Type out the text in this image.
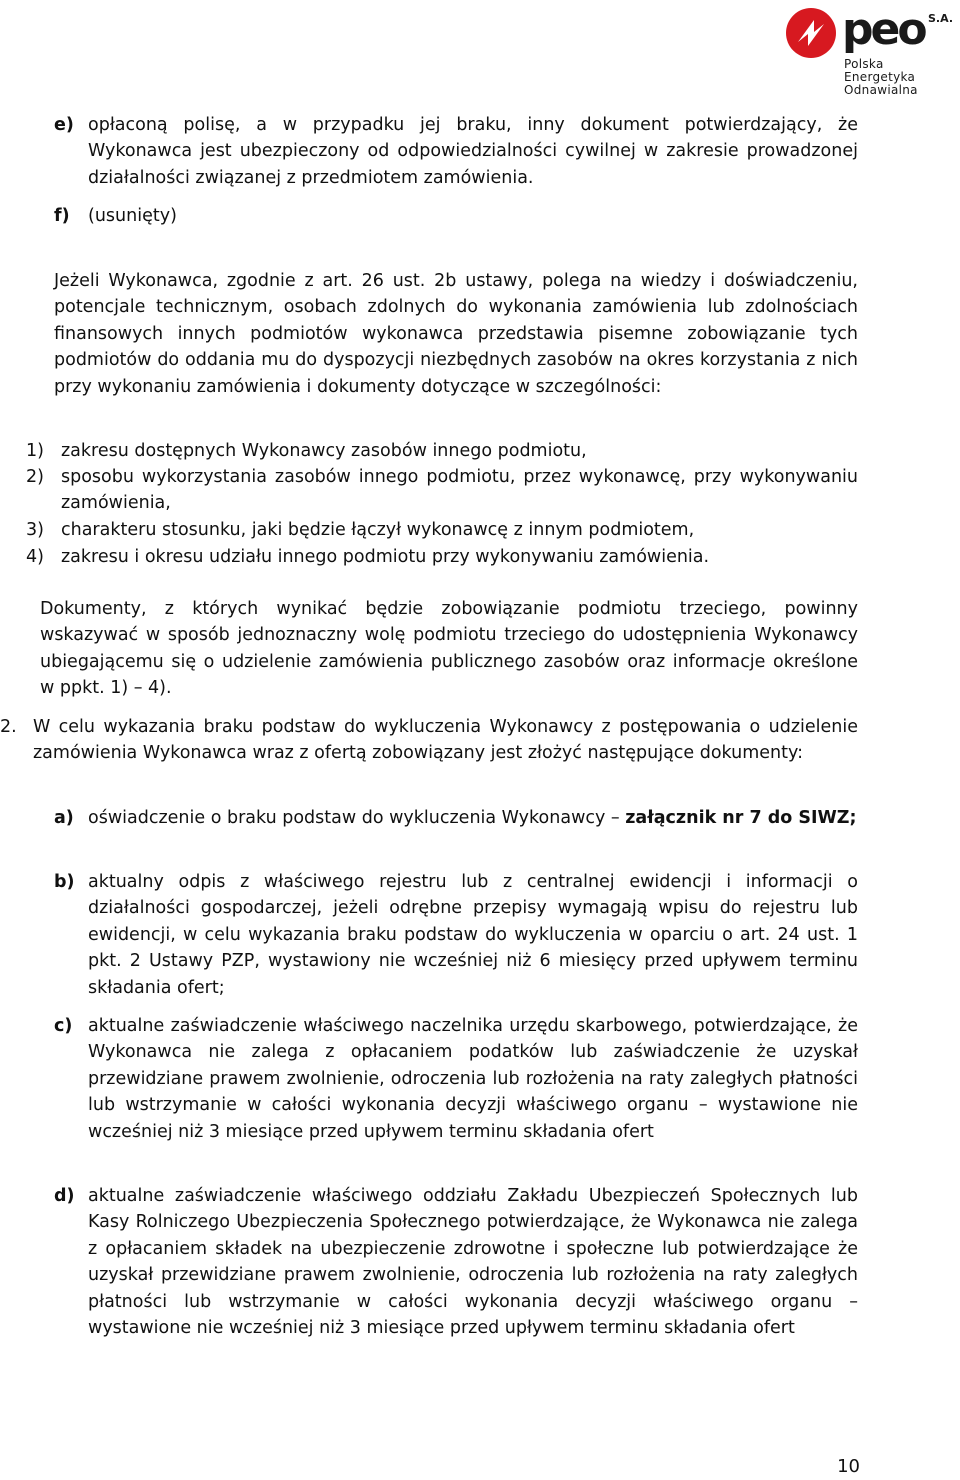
peo S.A.
Polska Energetyka
Odnawialna
e) opłaconą polisę, a w przypadku jej braku, inny dokument potwierdzający, że Wykonawca jest ubezpieczony od odpowiedzialności cywilnej w zakresie prowadzonej działalności związanej z przedmiotem zamówienia.

f) (usunięty)

Jeżeli Wykonawca, zgodnie z art. 26 ust. 2b ustawy, polega na wiedzy i doświadczeniu, potencjale technicznym, osobach zdolnych do wykonania zamówienia lub zdolnościach finansowych innych podmiotów wykonawca przedstawia pisemne zobowiązanie tych podmiotów do oddania mu do dyspozycji niezbędnych zasobów na okres korzystania z nich przy wykonaniu zamówienia i dokumenty dotyczące w szczególności:

1) zakresu dostępnych Wykonawcy zasobów innego podmiotu,

2) sposobu wykorzystania zasobów innego podmiotu, przez wykonawcę, przy wykonywaniu zamówienia,

3) charakteru stosunku, jaki będzie łączył wykonawcę z innym podmiotem,

4) zakresu i okresu udziału innego podmiotu przy wykonywaniu zamówienia.

Dokumenty, z których wynikać będzie zobowiązanie podmiotu trzeciego, powinny wskazywać w sposób jednoznaczny wolę podmiotu trzeciego do udostępnienia Wykonawcy ubiegającemu się o udzielenie zamówienia publicznego zasobów oraz informacje określone w ppkt. 1) – 4).

2. W celu wykazania braku podstaw do wykluczenia Wykonawcy z postępowania o udzielenie zamówienia Wykonawca wraz z ofertą zobowiązany jest złożyć następujące dokumenty:

a) oświadczenie o braku podstaw do wykluczenia Wykonawcy – załącznik nr 7 do SIWZ;

b) aktualny odpis z właściwego rejestru lub z centralnej ewidencji i informacji o działalności gospodarczej, jeżeli odrębne przepisy wymagają wpisu do rejestru lub ewidencji, w celu wykazania braku podstaw do wykluczenia w oparciu o art. 24 ust. 1 pkt. 2 Ustawy PZP, wystawiony nie wcześniej niż 6 miesięcy przed upływem terminu składania ofert;

c) aktualne zaświadczenie właściwego naczelnika urzędu skarbowego, potwierdzające, że Wykonawca nie zalega z opłacaniem podatków lub zaświadczenie że uzyskał przewidziane prawem zwolnienie, odroczenia lub rozłożenia na raty zaległych płatności lub wstrzymanie w całości wykonania decyzji właściwego organu – wystawione nie wcześniej niż 3 miesiące przed upływem terminu składania ofert

d) aktualne zaświadczenie właściwego oddziału Zakładu Ubezpieczeń Społecznych lub Kasy Rolniczego Ubezpieczenia Społecznego potwierdzające, że Wykonawca nie zalega z opłacaniem składek na ubezpieczenie zdrowotne i społeczne lub potwierdzające że uzyskał przewidziane prawem zwolnienie, odroczenia lub rozłożenia na raty zaległych płatności lub wstrzymanie w całości wykonania decyzji właściwego organu – wystawione nie wcześniej niż 3 miesiące przed upływem terminu składania ofert

10
